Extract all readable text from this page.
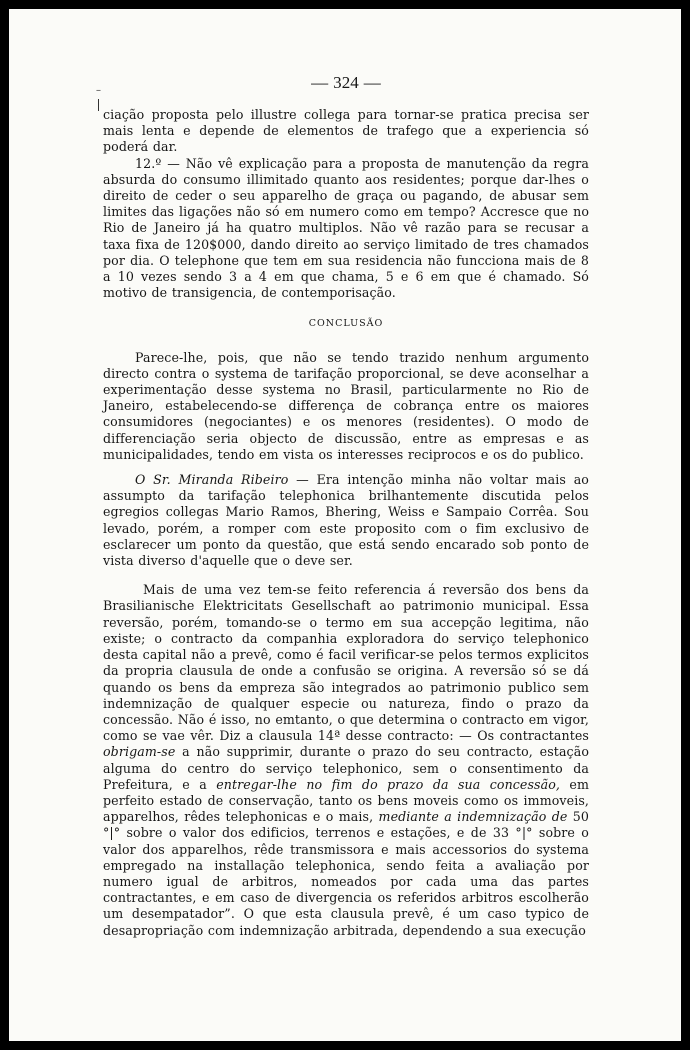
–	— 324 —

ciação proposta pelo illustre collega para tornar-se pratica precisa ser mais lenta e depende de elementos de trafego que a experiencia só poderá dar.

12.º — Não vê explicação para a proposta de manutenção da regra absurda do consumo illimitado quanto aos residentes; porque dar-lhes o direito de ceder o seu apparelho de graça ou pagando, de abusar sem limites das ligações não só em numero como em tempo? Accresce que no Rio de Janeiro já ha quatro multiplos. Não vê razão para se recusar a taxa fixa de 120$000, dando direito ao serviço limitado de tres chamados por dia. O telephone que tem em sua residencia não funcciona mais de 8 a 10 vezes sendo 3 a 4 em que chama, 5 e 6 em que é chamado. Só motivo de transigencia, de contemporisação.

CONCLUSÃO

Parece-lhe, pois, que não se tendo trazido nenhum argumento directo contra o systema de tarifação proporcional, se deve aconselhar a experimentação desse systema no Brasil, particularmente no Rio de Janeiro, estabelecendo-se differença de cobrança entre os maiores consumidores (negociantes) e os menores (residentes). O modo de differenciação seria objecto de discussão, entre as empresas e as municipalidades, tendo em vista os interesses reciprocos e os do publico.

O Sr. Miranda Ribeiro — Era intenção minha não voltar mais ao assumpto da tarifação telephonica brilhantemente discutida pelos egregios collegas Mario Ramos, Bhering, Weiss e Sampaio Corrêa. Sou levado, porém, a romper com este proposito com o fim exclusivo de esclarecer um ponto da questão, que está sendo encarado sob ponto de vista diverso d'aquelle que o deve ser.

Mais de uma vez tem-se feito referencia á reversão dos bens da Brasilianische Elektricitats Gesellschaft ao patrimonio municipal. Essa reversão, porém, tomando-se o termo em sua accepção legitima, não existe; o contracto da companhia exploradora do serviço telephonico desta capital não a prevê, como é facil verificar-se pelos termos explicitos da propria clausula de onde a confusão se origina. A reversão só se dá quando os bens da empreza são integrados ao patrimonio publico sem indemnização de qualquer especie ou natureza, findo o prazo da concessão. Não é isso, no emtanto, o que determina o contracto em vigor, como se vae vêr. Diz a clausula 14ª desse contracto: — Os contractantes obrigam-se a não supprimir, durante o prazo do seu contracto, estação alguma do centro do serviço telephonico, sem o consentimento da Prefeitura, e a entregar-lhe no fim do prazo da sua concessão, em perfeito estado de conservação, tanto os bens moveis como os immoveis, apparelhos, rêdes telephonicas e o mais, mediante a indemnização de 50 °|° sobre o valor dos edificios, terrenos e estações, e de 33 °|° sobre o valor dos apparelhos, rêde transmissora e mais accessorios do systema empregado na installação telephonica, sendo feita a avaliação por numero igual de arbitros, nomeados por cada uma das partes contractantes, e em caso de divergencia os referidos arbitros escolherão um desempatador”. O que esta clausula prevê, é um caso typico de desapropriação com indemnização arbitrada, dependendo a sua execução
